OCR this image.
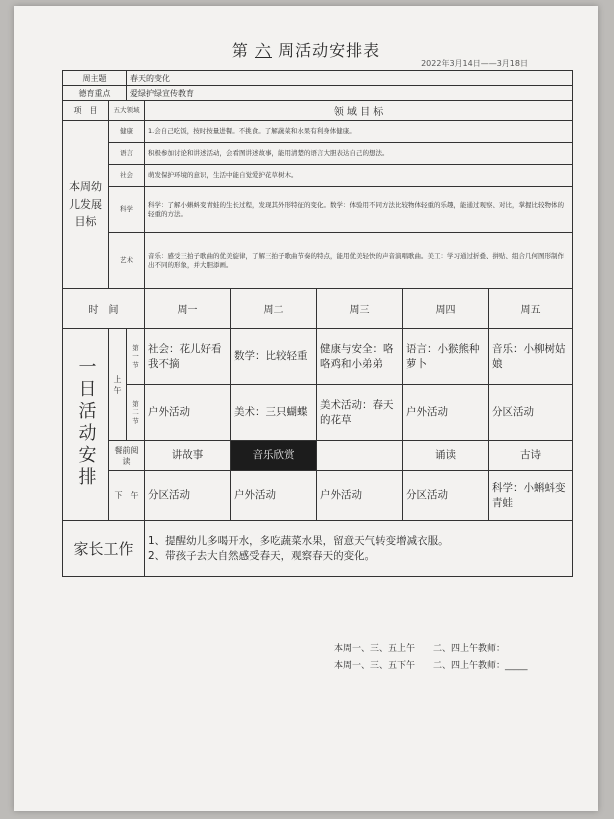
第 六 周活动安排表
2022年3月14日——3月18日
周主题		春天的变化					
德育重点		爱绿护绿宣传教育					
项　目	五大领域		领 域 目 标				
本周幼儿发展目标	健康		1.会自己吃饭，按时按量进餐。不挑食。了解蔬菜和水果有利身体健康。				
	语言		积极参加讨论和讲述活动，会看图讲述故事，能用清楚的语言大胆表达自己的想法。				
	社会		萌发保护环境的意识，生活中能自觉爱护花草树木。				
	科学		科学：了解小蝌蚪变青蛙的生长过程，发现其外形特征的变化。数学：体验用不同方法比较物体轻重的乐趣，能通过观察、对比，掌握比较物体的轻重的方法。				
	艺术		音乐：感受三拍子歌曲的优美旋律，了解三拍子歌曲节奏的特点，能用优美轻快的声音演唱歌曲。美工：学习通过折叠、拼贴、组合几何图形制作出不同的形象，并大胆添画。				
时　间			周一	周二	周三	周四	周五
一日活动安排	上午	第一节	社会：花儿好看我不摘	数学：比较轻重	健康与安全：咯咯鸡和小弟弟	语言：小猴熊种萝卜	音乐：小柳树姑娘
		第二节	户外活动	美术：三只蝴蝶	美术活动：春天的花草	户外活动	分区活动
	餐前阅读		讲故事	音乐欣赏		诵读	古诗
	下　午		分区活动	户外活动	户外活动	分区活动	科学：小蝌蚪变青蛙
家长工作			1、提醒幼儿多喝开水，多吃蔬菜水果，留意天气转变增减衣服。
2、带孩子去大自然感受春天，观察春天的变化。				
本周一、三、五上午　　二、四上午教师：
本周一、三、五下午　　二、四上午教师：_____
